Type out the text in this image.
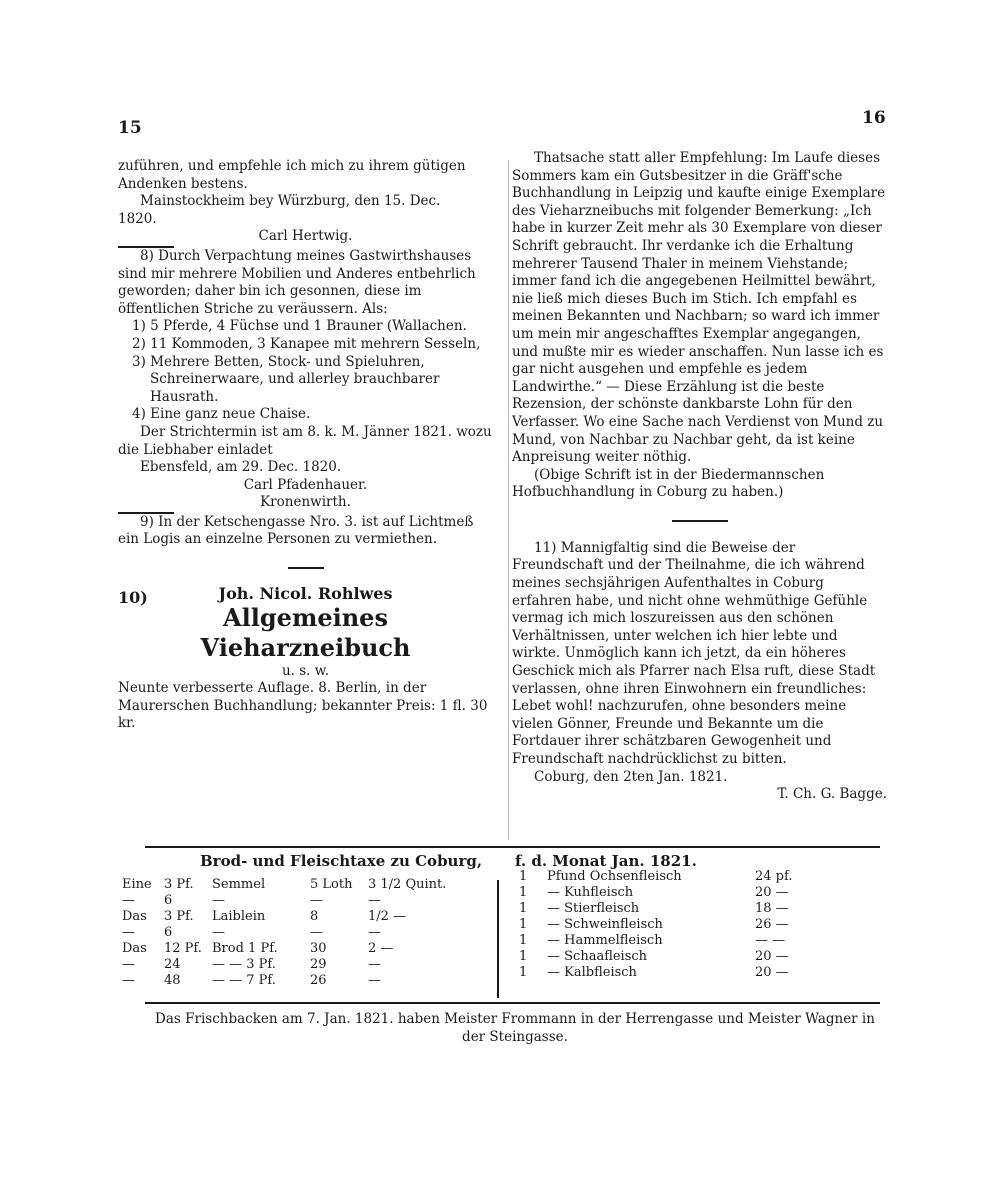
15	16

zuführen, und empfehle ich mich zu ihrem gütigen Andenken bestens.

Mainstockheim bey Würzburg, den 15. Dec.

1820.

Carl Hertwig.

8) Durch Verpachtung meines Gastwirthshauses sind mir mehrere Mobilien und Anderes entbehrlich geworden; daher bin ich gesonnen, diese im öffentlichen Striche zu veräussern. Als:

1) 5 Pferde, 4 Füchse und 1 Brauner (Wallachen.

2) 11 Kommoden, 3 Kanapee mit mehrern Sesseln,

3) Mehrere Betten, Stock- und Spieluhren, Schreinerwaare, und allerley brauchbarer Hausrath.

4) Eine ganz neue Chaise.

Der Strichtermin ist am 8. k. M. Jänner 1821. wozu die Liebhaber einladet

Ebensfeld, am 29. Dec. 1820.

Carl Pfadenhauer.

Kronenwirth.

9) In der Ketschengasse Nro. 3. ist auf Lichtmeß ein Logis an einzelne Personen zu vermiethen.

10)	Joh. Nicol. Rohlwes
Allgemeines Vieharzneibuch
u. s. w.

Neunte verbesserte Auflage. 8. Berlin, in der Maurerschen Buchhandlung; bekannter Preis: 1 fl. 30 kr.

Thatsache statt aller Empfehlung: Im Laufe dieses Sommers kam ein Gutsbesitzer in die Gräff'sche Buchhandlung in Leipzig und kaufte einige Exemplare des Vieharzneibuchs mit folgender Bemerkung: „Ich habe in kurzer Zeit mehr als 30 Exemplare von dieser Schrift gebraucht. Ihr verdanke ich die Erhaltung mehrerer Tausend Thaler in meinem Viehstande; immer fand ich die angegebenen Heilmittel bewährt, nie ließ mich dieses Buch im Stich. Ich empfahl es meinen Bekannten und Nachbarn; so ward ich immer um mein mir angeschafftes Exemplar angegangen, und mußte mir es wieder anschaffen. Nun lasse ich es gar nicht ausgehen und empfehle es jedem Landwirthe.“ — Diese Erzählung ist die beste Rezension, der schönste dankbarste Lohn für den Verfasser. Wo eine Sache nach Verdienst von Mund zu Mund, von Nachbar zu Nachbar geht, da ist keine Anpreisung weiter nöthig.

(Obige Schrift ist in der Biedermannschen Hofbuchhandlung in Coburg zu haben.)

11) Mannigfaltig sind die Beweise der Freundschaft und der Theilnahme, die ich während meines sechsjährigen Aufenthaltes in Coburg erfahren habe, und nicht ohne wehmüthige Gefühle vermag ich mich loszureissen aus den schönen Verhältnissen, unter welchen ich hier lebte und wirkte. Unmöglich kann ich jetzt, da ein höheres Geschick mich als Pfarrer nach Elsa ruft, diese Stadt verlassen, ohne ihren Einwohnern ein freundliches: Lebet wohl! nachzurufen, ohne besonders meine vielen Gönner, Freunde und Bekannte um die Fortdauer ihrer schätzbaren Gewogenheit und Freundschaft nachdrücklichst zu bitten.

Coburg, den 2ten Jan. 1821.

T. Ch. G. Bagge.

Brod- und Fleischtaxe zu Coburg, f. d. Monat Jan. 1821.
Eine	3 Pf.	Semmel	5 Loth	3 1/2 Quint.
—	6	—	—	—
Das	3 Pf.	Laiblein	8	1/2 —
—	6	—	—	—
Das	12 Pf.	Brod 1 Pf.	30	2 —
—	24	— — 3 Pf.	29	—
—	48	— — 7 Pf.	26	—
1	Pfund Ochsenfleisch	24 pf.
1	— Kuhfleisch	20 —
1	— Stierfleisch	18 —
1	— Schweinfleisch	26 —
1	— Hammelfleisch	— —
1	— Schaafleisch	20 —
1	— Kalbfleisch	20 —
Das Frischbacken am 7. Jan. 1821. haben Meister Frommann in der Herrengasse und Meister Wagner in der Steingasse.
